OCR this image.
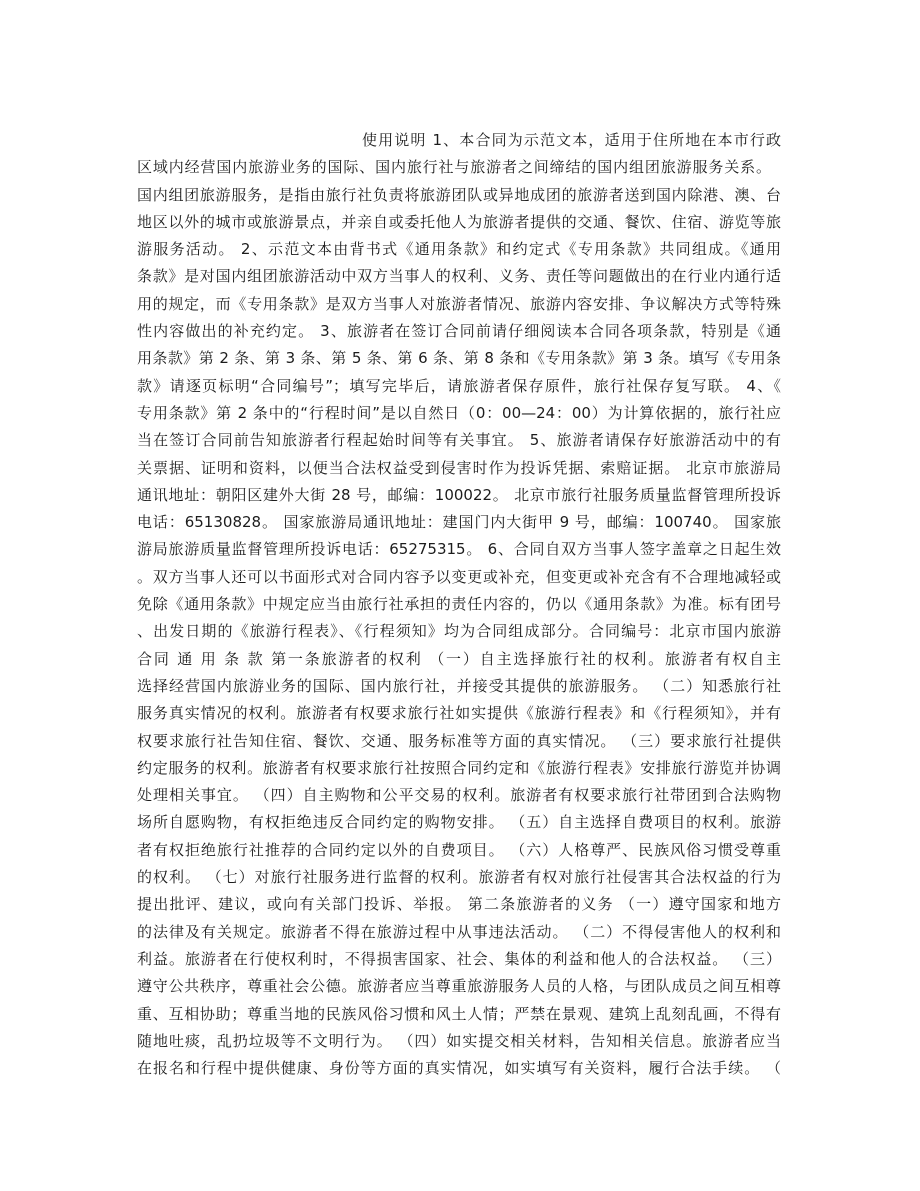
使用说明 1、本合同为示范文本，适用于住所地在本市行政
区域内经营国内旅游业务的国际、国内旅行社与旅游者之间缔结的国内组团旅游服务关系。
国内组团旅游服务，是指由旅行社负责将旅游团队或异地成团的旅游者送到国内除港、澳、台
地区以外的城市或旅游景点，并亲自或委托他人为旅游者提供的交通、餐饮、住宿、游览等旅
游服务活动。 2、示范文本由背书式《通用条款》和约定式《专用条款》共同组成。《通用
条款》是对国内组团旅游活动中双方当事人的权利、义务、责任等问题做出的在行业内通行适
用的规定，而《专用条款》是双方当事人对旅游者情况、旅游内容安排、争议解决方式等特殊
性内容做出的补充约定。 3、旅游者在签订合同前请仔细阅读本合同各项条款，特别是《通
用条款》第 2 条、第 3 条、第 5 条、第 6 条、第 8 条和《专用条款》第 3 条。填写《专用条
款》请逐页标明“合同编号”；填写完毕后，请旅游者保存原件，旅行社保存复写联。 4、《
专用条款》第 2 条中的“行程时间”是以自然日（0：00—24：00）为计算依据的，旅行社应
当在签订合同前告知旅游者行程起始时间等有关事宜。 5、旅游者请保存好旅游活动中的有
关票据、证明和资料，以便当合法权益受到侵害时作为投诉凭据、索赔证据。 北京市旅游局
通讯地址：朝阳区建外大街 28 号，邮编：100022。 北京市旅行社服务质量监督管理所投诉
电话：65130828。 国家旅游局通讯地址：建国门内大街甲 9 号，邮编：100740。 国家旅
游局旅游质量监督管理所投诉电话：65275315。 6、合同自双方当事人签字盖章之日起生效
。双方当事人还可以书面形式对合同内容予以变更或补充，但变更或补充含有不合理地减轻或
免除《通用条款》中规定应当由旅行社承担的责任内容的，仍以《通用条款》为准。标有团号
、出发日期的《旅游行程表》、《行程须知》均为合同组成部分。合同编号：北京市国内旅游
合同 通 用 条 款 第一条旅游者的权利 （一）自主选择旅行社的权利。旅游者有权自主
选择经营国内旅游业务的国际、国内旅行社，并接受其提供的旅游服务。 （二）知悉旅行社
服务真实情况的权利。旅游者有权要求旅行社如实提供《旅游行程表》和《行程须知》，并有
权要求旅行社告知住宿、餐饮、交通、服务标准等方面的真实情况。 （三）要求旅行社提供
约定服务的权利。旅游者有权要求旅行社按照合同约定和《旅游行程表》安排旅行游览并协调
处理相关事宜。 （四）自主购物和公平交易的权利。旅游者有权要求旅行社带团到合法购物
场所自愿购物，有权拒绝违反合同约定的购物安排。 （五）自主选择自费项目的权利。旅游
者有权拒绝旅行社推荐的合同约定以外的自费项目。 （六）人格尊严、民族风俗习惯受尊重
的权利。 （七）对旅行社服务进行监督的权利。旅游者有权对旅行社侵害其合法权益的行为
提出批评、建议，或向有关部门投诉、举报。 第二条旅游者的义务 （一）遵守国家和地方
的法律及有关规定。旅游者不得在旅游过程中从事违法活动。 （二）不得侵害他人的权利和
利益。旅游者在行使权利时，不得损害国家、社会、集体的利益和他人的合法权益。 （三）
遵守公共秩序，尊重社会公德。旅游者应当尊重旅游服务人员的人格，与团队成员之间互相尊
重、互相协助；尊重当地的民族风俗习惯和风土人情；严禁在景观、建筑上乱刻乱画，不得有
随地吐痰，乱扔垃圾等不文明行为。 （四）如实提交相关材料，告知相关信息。旅游者应当
在报名和行程中提供健康、身份等方面的真实情况，如实填写有关资料，履行合法手续。 （
